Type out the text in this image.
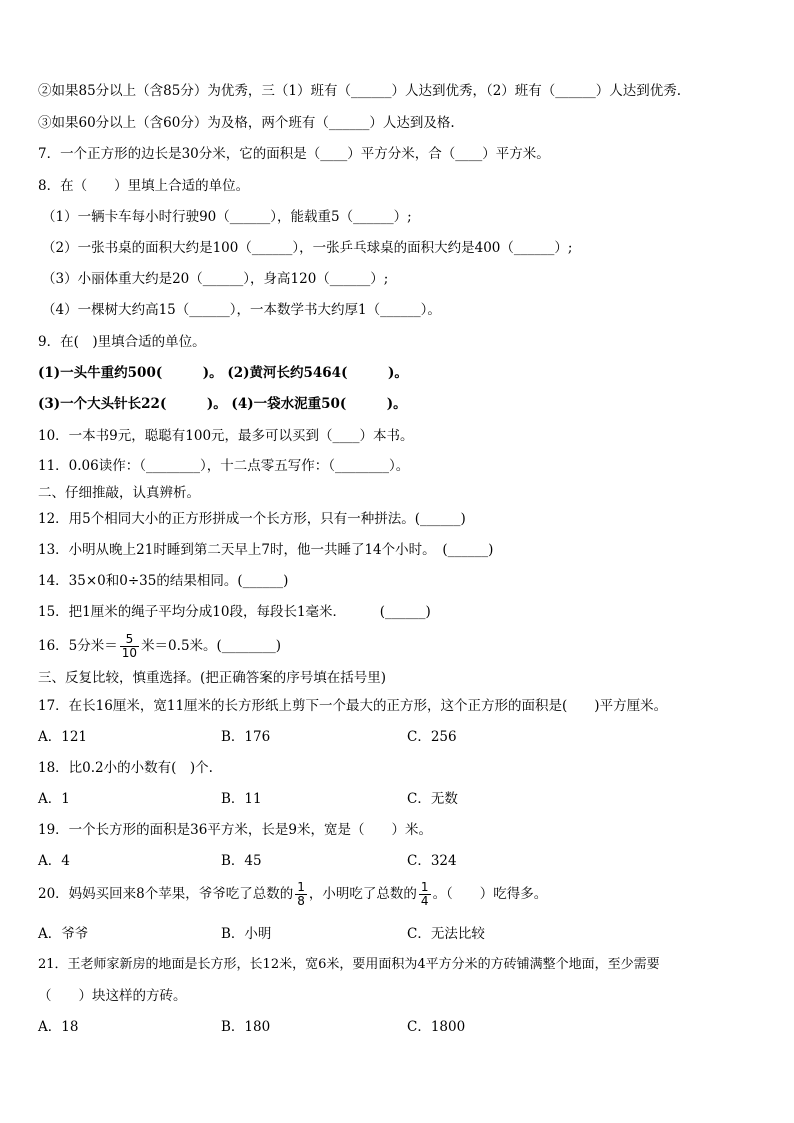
②如果85分以上（含85分）为优秀，三（1）班有（______）人达到优秀，（2）班有（______）人达到优秀.
③如果60分以上（含60分）为及格，两个班有（______）人达到及格.
7．一个正方形的边长是30分米，它的面积是（____）平方分米，合（____）平方米。
8．在（　　）里填上合适的单位。
（1）一辆卡车每小时行驶90（______），能载重5（______）;
（2）一张书桌的面积大约是100（______），一张乒乓球桌的面积大约是400（______）;
（3）小丽体重大约是20（______），身高120（______）;
（4）一棵树大约高15（______），一本数学书大约厚1（______）。
9．在(　)里填合适的单位。
(1)一头牛重约500(　　　)。 (2)黄河长约5464(　　　)。
(3)一个大头针长22(　　　)。 (4)一袋水泥重50(　　　)。
10．一本书9元，聪聪有100元，最多可以买到（____）本书。
11．0.06读作：（________），十二点零五写作：（________）。
二、仔细推敲，认真辨析。
12．用5个相同大小的正方形拼成一个长方形，只有一种拼法。(______)
13．小明从晚上21时睡到第二天早上7时，他一共睡了14个小时。　(______)
14．35×0和0÷35的结果相同。(______)
15．把1厘米的绳子平均分成10段，每段长1毫米．　　　(______)
16．5分米＝ $\frac{5}{10}$ 米＝0.5米。(________)
三、反复比较，慎重选择。(把正确答案的序号填在括号里)
17．在长16厘米，宽11厘米的长方形纸上剪下一个最大的正方形，这个正方形的面积是(　　)平方厘米。
A．121	B．176	C．256
18．比0.2小的小数有(　)个.
A．1	B．11	C．无数
19．一个长方形的面积是36平方米，长是9米，宽是（　　）米。
A．4	B．45	C．324
20．妈妈买回来8个苹果，爷爷吃了总数的 $\frac{1}{8}$ ，小明吃了总数的 $\frac{1}{4}$ 。（　　）吃得多。
A．爷爷	B．小明	C．无法比较
21．王老师家新房的地面是长方形，长12米，宽6米，要用面积为4平方分米的方砖铺满整个地面，至少需要
（　　）块这样的方砖。
A．18	B．180	C．1800
